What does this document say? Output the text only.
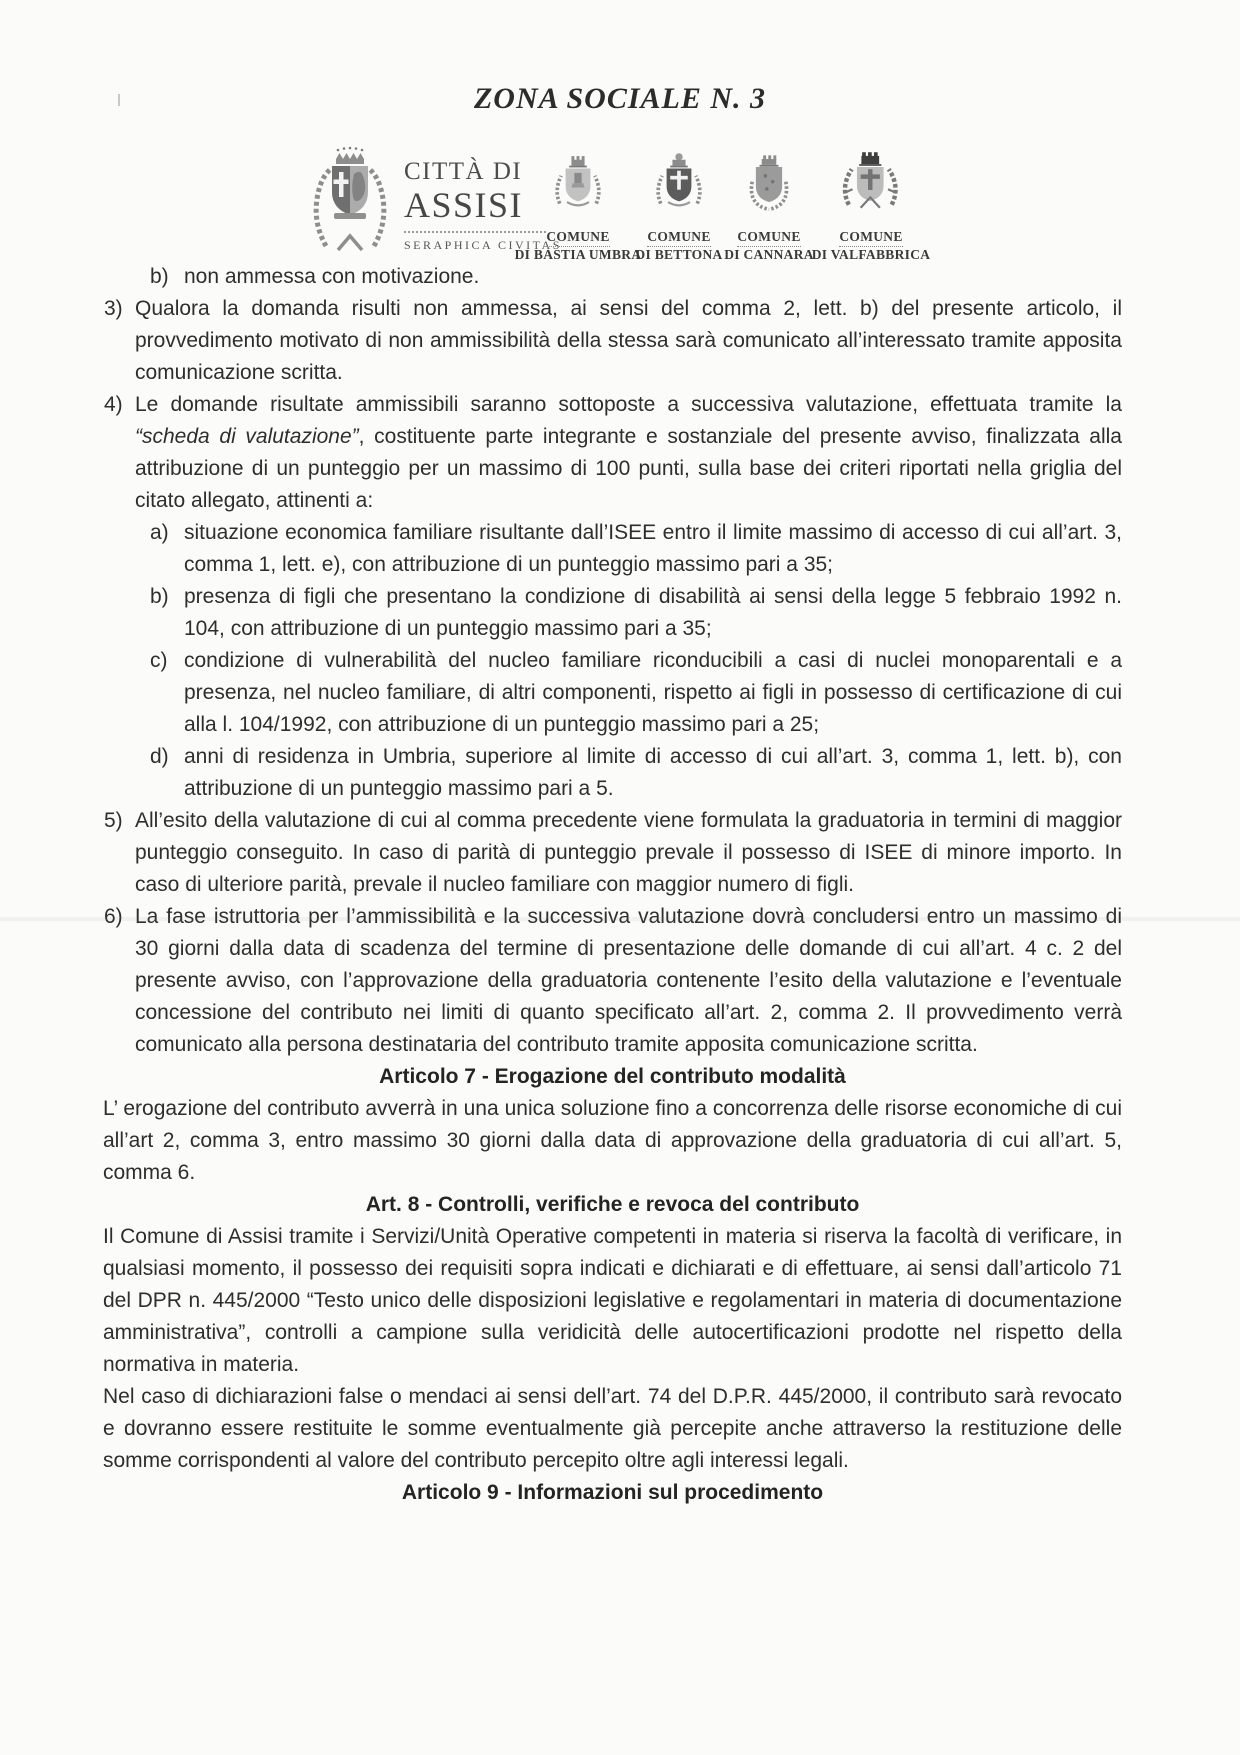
ZONA SOCIALE N. 3
CITTÀ DI
ASSISI
SERAPHICA CIVITAS
COMUNE
DI BASTIA UMBRA
COMUNE
DI BETTONA
COMUNE
DI CANNARA
COMUNE
DI VALFABBRICA

b) non ammessa con motivazione.

3) Qualora la domanda risulti non ammessa, ai sensi del comma 2, lett. b) del presente articolo, il provvedimento motivato di non ammissibilità della stessa sarà comunicato all’interessato tramite apposita comunicazione scritta.

4) Le domande risultate ammissibili saranno sottoposte a successiva valutazione, effettuata tramite la “scheda di valutazione”, costituente parte integrante e sostanziale del presente avviso, finalizzata alla attribuzione di un punteggio per un massimo di 100 punti, sulla base dei criteri riportati nella griglia del citato allegato, attinenti a:

a) situazione economica familiare risultante dall’ISEE entro il limite massimo di accesso di cui all’art. 3, comma 1, lett. e), con attribuzione di un punteggio massimo pari a 35;

b) presenza di figli che presentano la condizione di disabilità ai sensi della legge 5 febbraio 1992 n. 104, con attribuzione di un punteggio massimo pari a 35;

c) condizione di vulnerabilità del nucleo familiare riconducibili a casi di nuclei monoparentali e a presenza, nel nucleo familiare, di altri componenti, rispetto ai figli in possesso di certificazione di cui alla l. 104/1992, con attribuzione di un punteggio massimo pari a 25;

d) anni di residenza in Umbria, superiore al limite di accesso di cui all’art. 3, comma 1, lett. b), con attribuzione di un punteggio massimo pari a 5.

5) All’esito della valutazione di cui al comma precedente viene formulata la graduatoria in termini di maggior punteggio conseguito. In caso di parità di punteggio prevale il possesso di ISEE di minore importo. In caso di ulteriore parità, prevale il nucleo familiare con maggior numero di figli.

6) La fase istruttoria per l’ammissibilità e la successiva valutazione dovrà concludersi entro un massimo di 30 giorni dalla data di scadenza del termine di presentazione delle domande di cui all’art. 4 c. 2 del presente avviso, con l’approvazione della graduatoria contenente l’esito della valutazione e l’eventuale concessione del contributo nei limiti di quanto specificato all’art. 2, comma 2. Il provvedimento verrà comunicato alla persona destinataria del contributo tramite apposita comunicazione scritta.

Articolo 7 - Erogazione del contributo modalità

L’ erogazione del contributo avverrà in una unica soluzione fino a concorrenza delle risorse economiche di cui all’art 2, comma 3, entro massimo 30 giorni dalla data di approvazione della graduatoria di cui all’art. 5, comma 6.

Art. 8 - Controlli, verifiche e revoca del contributo

Il Comune di Assisi tramite i Servizi/Unità Operative competenti in materia si riserva la facoltà di verificare, in qualsiasi momento, il possesso dei requisiti sopra indicati e dichiarati e di effettuare, ai sensi dall’articolo 71 del DPR n. 445/2000 “Testo unico delle disposizioni legislative e regolamentari in materia di documentazione amministrativa”, controlli a campione sulla veridicità delle autocertificazioni prodotte nel rispetto della normativa in materia.

Nel caso di dichiarazioni false o mendaci ai sensi dell’art. 74 del D.P.R. 445/2000, il contributo sarà revocato e dovranno essere restituite le somme eventualmente già percepite anche attraverso la restituzione delle somme corrispondenti al valore del contributo percepito oltre agli interessi legali.

Articolo 9 - Informazioni sul procedimento
